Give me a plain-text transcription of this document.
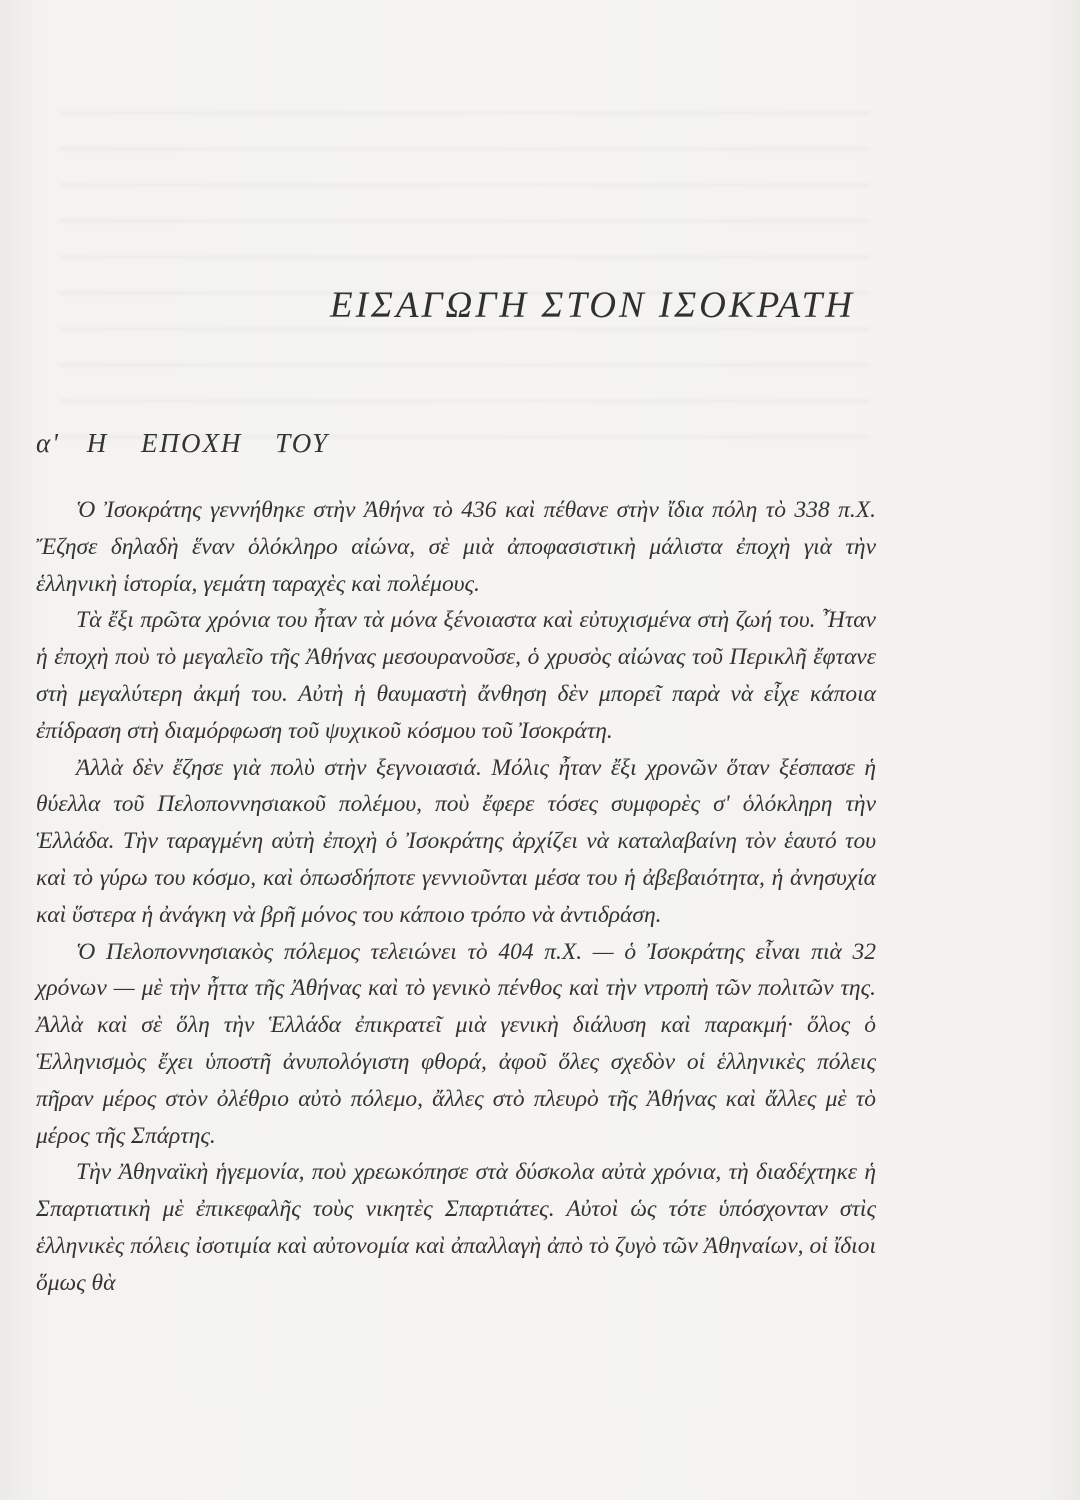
ΕΙΣΑΓΩΓΗ ΣΤΟΝ ΙΣΟΚΡΑΤΗ
α' Η ΕΠΟΧΗ ΤΟΥ

Ὁ Ἰσοκράτης γεννήθηκε στὴν Ἀθήνα τὸ 436 καὶ πέθανε στὴν ἴδια πόλη τὸ 338 π.Χ. Ἔζησε δηλαδὴ ἕναν ὁλόκληρο αἰώνα, σὲ μιὰ ἀποφασιστικὴ μάλιστα ἐποχὴ γιὰ τὴν ἑλληνικὴ ἱστορία, γεμάτη ταραχὲς καὶ πολέμους.

Τὰ ἔξι πρῶτα χρόνια του ἦταν τὰ μόνα ξένοιαστα καὶ εὐτυχισμένα στὴ ζωή του. Ἦταν ἡ ἐποχὴ ποὺ τὸ μεγαλεῖο τῆς Ἀθήνας μεσουρανοῦσε, ὁ χρυσὸς αἰώνας τοῦ Περικλῆ ἔφτανε στὴ μεγαλύτερη ἀκμή του. Αὐτὴ ἡ θαυμαστὴ ἄνθηση δὲν μπορεῖ παρὰ νὰ εἶχε κάποια ἐπίδραση στὴ διαμόρφωση τοῦ ψυχικοῦ κόσμου τοῦ Ἰσοκράτη.

Ἀλλὰ δὲν ἔζησε γιὰ πολὺ στὴν ξεγνοιασιά. Μόλις ἦταν ἔξι χρονῶν ὅταν ξέσπασε ἡ θύελλα τοῦ Πελοποννησιακοῦ πολέμου, ποὺ ἔφερε τόσες συμφορὲς σ' ὁλόκληρη τὴν Ἑλλάδα. Τὴν ταραγμένη αὐτὴ ἐποχὴ ὁ Ἰσοκράτης ἀρχίζει νὰ καταλαβαίνη τὸν ἑαυτό του καὶ τὸ γύρω του κόσμο, καὶ ὁπωσδήποτε γεννιοῦνται μέσα του ἡ ἀβεβαιότητα, ἡ ἀνησυχία καὶ ὕστερα ἡ ἀνάγκη νὰ βρῆ μόνος του κάποιο τρόπο νὰ ἀντιδράση.

Ὁ Πελοποννησιακὸς πόλεμος τελειώνει τὸ 404 π.Χ. — ὁ Ἰσοκράτης εἶναι πιὰ 32 χρόνων — μὲ τὴν ἧττα τῆς Ἀθήνας καὶ τὸ γενικὸ πένθος καὶ τὴν ντροπὴ τῶν πολιτῶν της. Ἀλλὰ καὶ σὲ ὅλη τὴν Ἑλλάδα ἐπικρατεῖ μιὰ γενικὴ διάλυση καὶ παρακμή· ὅλος ὁ Ἑλληνισμὸς ἔχει ὑποστῆ ἀνυπολόγιστη φθορά, ἀφοῦ ὅλες σχεδὸν οἱ ἑλληνικὲς πόλεις πῆραν μέρος στὸν ὀλέθριο αὐτὸ πόλεμο, ἄλλες στὸ πλευρὸ τῆς Ἀθήνας καὶ ἄλλες μὲ τὸ μέρος τῆς Σπάρτης.

Τὴν Ἀθηναϊκὴ ἡγεμονία, ποὺ χρεωκόπησε στὰ δύσκολα αὐτὰ χρόνια, τὴ διαδέχτηκε ἡ Σπαρτιατικὴ μὲ ἐπικεφαλῆς τοὺς νικητὲς Σπαρτιάτες. Αὐτοὶ ὡς τότε ὑπόσχονταν στὶς ἑλληνικὲς πόλεις ἰσοτιμία καὶ αὐτονομία καὶ ἀπαλλαγὴ ἀπὸ τὸ ζυγὸ τῶν Ἀθηναίων, οἱ ἴδιοι ὅμως θὰ
